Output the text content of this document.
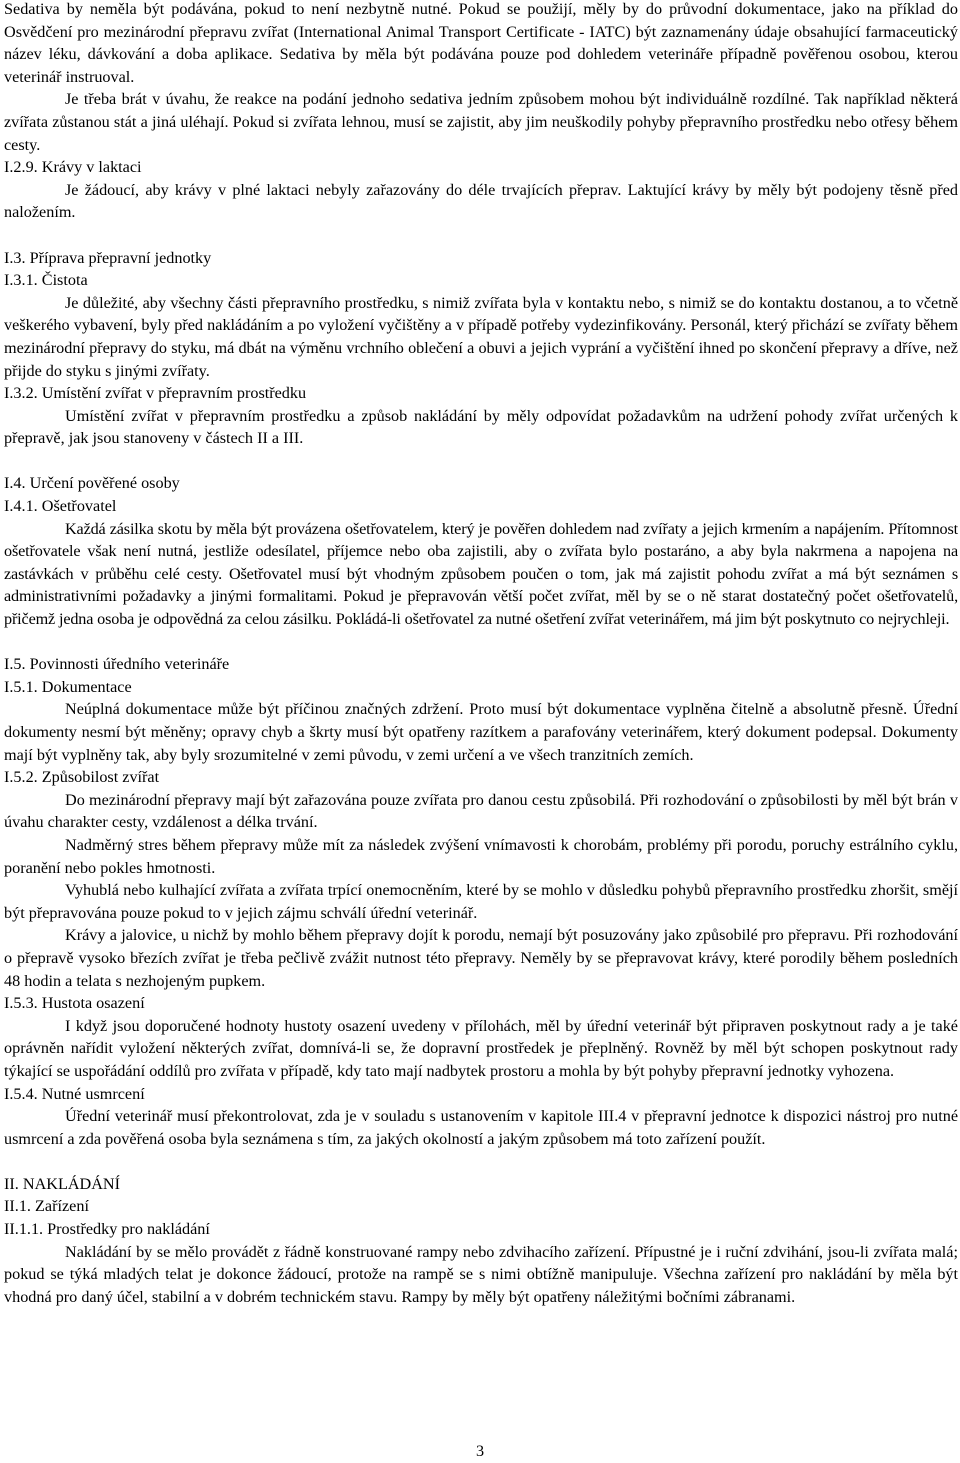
Sedativa by neměla být podávána, pokud to není nezbytně nutné. Pokud se použijí, měly by do průvodní dokumentace, jako na příklad do Osvědčení pro mezinárodní přepravu zvířat (International Animal Transport Certificate - IATC) být zaznamenány údaje obsahující farmaceutický název léku, dávkování a doba aplikace. Sedativa by měla být podávána pouze pod dohledem veterináře případně pověřenou osobou, kterou veterinář instruoval.

Je třeba brát v úvahu, že reakce na podání jednoho sedativa jedním způsobem mohou být individuálně rozdílné. Tak například některá zvířata zůstanou stát a jiná uléhají. Pokud si zvířata lehnou, musí se zajistit, aby jim neuškodily pohyby přepravního prostředku nebo otřesy během cesty.

I.2.9. Krávy v laktaci

Je žádoucí, aby krávy v plné laktaci nebyly zařazovány do déle trvajících přeprav. Laktující krávy by měly být podojeny těsně před naložením.

I.3. Příprava přepravní jednotky

I.3.1. Čistota

Je důležité, aby všechny části přepravního prostředku, s nimiž zvířata byla v kontaktu nebo, s nimiž se do kontaktu dostanou, a to včetně veškerého vybavení, byly před nakládáním a po vyložení vyčištěny a v případě potřeby vydezinfikovány. Personál, který přichází se zvířaty během mezinárodní přepravy do styku, má dbát na výměnu vrchního oblečení a obuvi a jejich vyprání a vyčištění ihned po skončení přepravy a dříve, než přijde do styku s jinými zvířaty.

I.3.2. Umístění zvířat v přepravním prostředku

Umístění zvířat v přepravním prostředku a způsob nakládání by měly odpovídat požadavkům na udržení pohody zvířat určených k přepravě, jak jsou stanoveny v částech II a III.

I.4. Určení pověřené osoby

I.4.1. Ošetřovatel

Každá zásilka skotu by měla být provázena ošetřovatelem, který je pověřen dohledem nad zvířaty a jejich krmením a napájením. Přítomnost ošetřovatele však není nutná, jestliže odesílatel, příjemce nebo oba zajistili, aby o zvířata bylo postaráno, a aby byla nakrmena a napojena na zastávkách v průběhu celé cesty. Ošetřovatel musí být vhodným způsobem poučen o tom, jak má zajistit pohodu zvířat a má být seznámen s administrativními požadavky a jinými formalitami. Pokud je přepravován větší počet zvířat, měl by se o ně starat dostatečný počet ošetřovatelů, přičemž jedna osoba je odpovědná za celou zásilku. Pokládá-li ošetřovatel za nutné ošetření zvířat veterinářem, má jim být poskytnuto co nejrychleji.

I.5. Povinnosti úředního veterináře

I.5.1. Dokumentace

Neúplná dokumentace může být příčinou značných zdržení. Proto musí být dokumentace vyplněna čitelně a absolutně přesně. Úřední dokumenty nesmí být měněny; opravy chyb a škrty musí být opatřeny razítkem a parafovány veterinářem, který dokument podepsal. Dokumenty mají být vyplněny tak, aby byly srozumitelné v zemi původu, v zemi určení a ve všech tranzitních zemích.

I.5.2. Způsobilost zvířat

Do mezinárodní přepravy mají být zařazována pouze zvířata pro danou cestu způsobilá. Při rozhodování o způsobilosti by měl být brán v úvahu charakter cesty, vzdálenost a délka trvání.

Nadměrný stres během přepravy může mít za následek zvýšení vnímavosti k chorobám, problémy při porodu, poruchy estrálního cyklu, poranění nebo pokles hmotnosti.

Vyhublá nebo kulhající zvířata a zvířata trpící onemocněním, které by se mohlo v důsledku pohybů přepravního prostředku zhoršit, smějí být přepravována pouze pokud to v jejich zájmu schválí úřední veterinář.

Krávy a jalovice, u nichž by mohlo během přepravy dojít k porodu, nemají být posuzovány jako způsobilé pro přepravu. Při rozhodování o přepravě vysoko březích zvířat je třeba pečlivě zvážit nutnost této přepravy. Neměly by se přepravovat krávy, které porodily během posledních 48 hodin a telata s nezhojeným pupkem.

I.5.3. Hustota osazení

I když jsou doporučené hodnoty hustoty osazení uvedeny v přílohách, měl by úřední veterinář být připraven poskytnout rady a je také oprávněn nařídit vyložení některých zvířat, domnívá-li se, že dopravní prostředek je přeplněný. Rovněž by měl být schopen poskytnout rady týkající se uspořádání oddílů pro zvířata v případě, kdy tato mají nadbytek prostoru a mohla by být pohyby přepravní jednotky vyhozena.

I.5.4. Nutné usmrcení

Úřední veterinář musí překontrolovat, zda je v souladu s ustanovením v kapitole III.4 v přepravní jednotce k dispozici nástroj pro nutné usmrcení a zda pověřená osoba byla seznámena s tím, za jakých okolností a jakým způsobem má toto zařízení použít.

II. NAKLÁDÁNÍ

II.1. Zařízení

II.1.1. Prostředky pro nakládání

Nakládání by se mělo provádět z řádně konstruované rampy nebo zdvihacího zařízení. Přípustné je i ruční zdvihání, jsou-li zvířata malá; pokud se týká mladých telat je dokonce žádoucí, protože na rampě se s nimi obtížně manipuluje. Všechna zařízení pro nakládání by měla být vhodná pro daný účel, stabilní a v dobrém technickém stavu. Rampy by měly být opatřeny náležitými bočními zábranami.

3
